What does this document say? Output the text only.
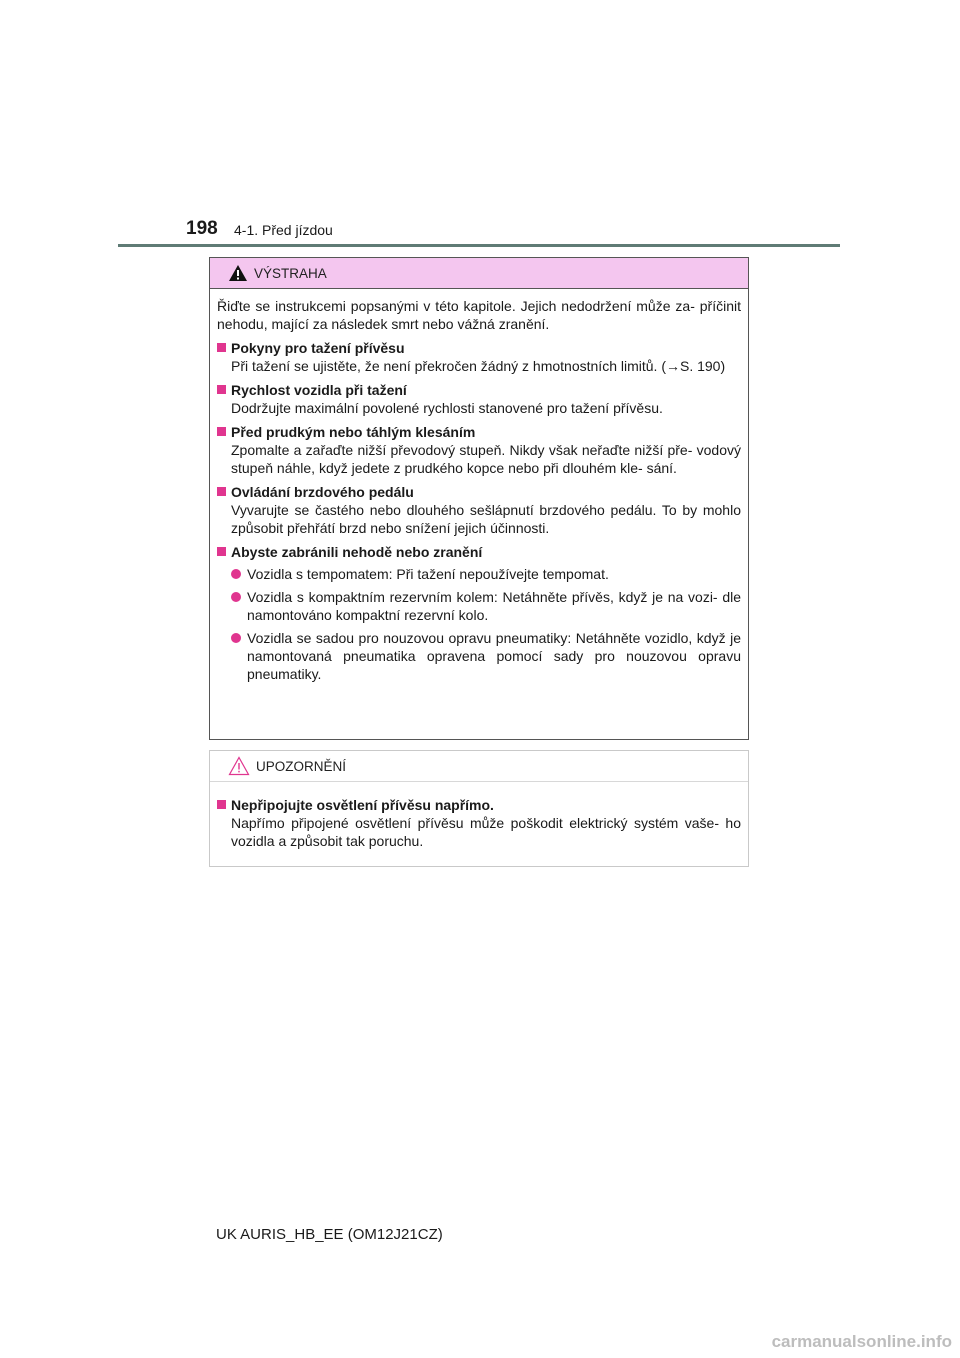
198 4-1. Před jízdou
VÝSTRAHA

Řiďte se instrukcemi popsanými v této kapitole. Jejich nedodržení může za- příčinit nehodu, mající za následek smrt nebo vážná zranění.

Pokyny pro tažení přívěsu
Při tažení se ujistěte, že není překročen žádný z hmotnostních limitů. (→S. 190)
Rychlost vozidla při tažení
Dodržujte maximální povolené rychlosti stanovené pro tažení přívěsu.
Před prudkým nebo táhlým klesáním
Zpomalte a zařaďte nižší převodový stupeň. Nikdy však neřaďte nižší pře- vodový stupeň náhle, když jedete z prudkého kopce nebo při dlouhém kle- sání.
Ovládání brzdového pedálu
Vyvarujte se častého nebo dlouhého sešlápnutí brzdového pedálu. To by mohlo způsobit přehřátí brzd nebo snížení jejich účinnosti.
Abyste zabránili nehodě nebo zranění
Vozidla s tempomatem: Při tažení nepoužívejte tempomat.
Vozidla s kompaktním rezervním kolem: Netáhněte přívěs, když je na vozi- dle namontováno kompaktní rezervní kolo.
Vozidla se sadou pro nouzovou opravu pneumatiky: Netáhněte vozidlo, když je namontovaná pneumatika opravena pomocí sady pro nouzovou opravu pneumatiky.
UPOZORNĚNÍ
Nepřipojujte osvětlení přívěsu napřímo.
Napřímo připojené osvětlení přívěsu může poškodit elektrický systém vaše- ho vozidla a způsobit tak poruchu.
UK AURIS_HB_EE (OM12J21CZ)
carmanualsonline.info
